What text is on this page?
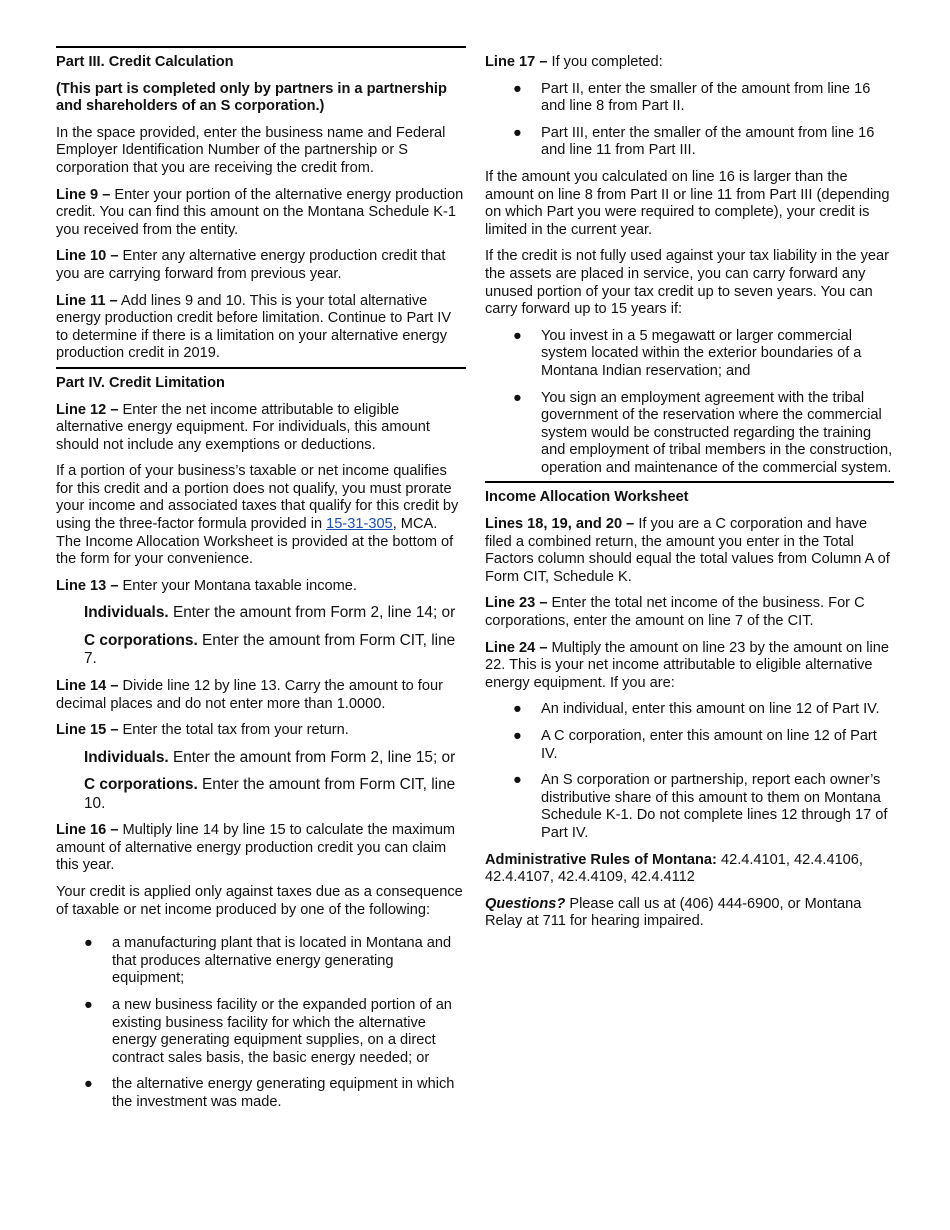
Part III. Credit Calculation

(This part is completed only by partners in a partnership and shareholders of an S corporation.)

In the space provided, enter the business name and Federal Employer Identification Number of the partnership or S corporation that you are receiving the credit from.

Line 9 – Enter your portion of the alternative energy production credit. You can find this amount on the Montana Schedule K-1 you received from the entity.

Line 10 – Enter any alternative energy production credit that you are carrying forward from previous year.

Line 11 – Add lines 9 and 10. This is your total alternative energy production credit before limitation. Continue to Part IV to determine if there is a limitation on your alternative energy production credit in 2019.

Part IV. Credit Limitation

Line 12 – Enter the net income attributable to eligible alternative energy equipment. For individuals, this amount should not include any exemptions or deductions.

If a portion of your business’s taxable or net income qualifies for this credit and a portion does not qualify, you must prorate your income and associated taxes that qualify for this credit by using the three-factor formula provided in 15-31-305, MCA. The Income Allocation Worksheet is provided at the bottom of the form for your convenience.

Line 13 – Enter your Montana taxable income.

Individuals. Enter the amount from Form 2, line 14; or

C corporations. Enter the amount from Form CIT, line 7.

Line 14 – Divide line 12 by line 13. Carry the amount to four decimal places and do not enter more than 1.0000.

Line 15 – Enter the total tax from your return.

Individuals. Enter the amount from Form 2, line 15; or

C corporations. Enter the amount from Form CIT, line 10.

Line 16 – Multiply line 14 by line 15 to calculate the maximum amount of alternative energy production credit you can claim this year.

Your credit is applied only against taxes due as a consequence of taxable or net income produced by one of the following:

● a manufacturing plant that is located in Montana and that produces alternative energy generating equipment;
● a new business facility or the expanded portion of an existing business facility for which the alternative energy generating equipment supplies, on a direct contract sales basis, the basic energy needed; or
● the alternative energy generating equipment in which the investment was made.

Line 17 – If you completed:

● Part II, enter the smaller of the amount from line 16 and line 8 from Part II.
● Part III, enter the smaller of the amount from line 16 and line 11 from Part III.

If the amount you calculated on line 16 is larger than the amount on line 8 from Part II or line 11 from Part III (depending on which Part you were required to complete), your credit is limited in the current year.

If the credit is not fully used against your tax liability in the year the assets are placed in service, you can carry forward any unused portion of your tax credit up to seven years. You can carry forward up to 15 years if:

● You invest in a 5 megawatt or larger commercial system located within the exterior boundaries of a Montana Indian reservation; and
● You sign an employment agreement with the tribal government of the reservation where the commercial system would be constructed regarding the training and employment of tribal members in the construction, operation and maintenance of the commercial system.

Income Allocation Worksheet

Lines 18, 19, and 20 – If you are a C corporation and have filed a combined return, the amount you enter in the Total Factors column should equal the total values from Column A of Form CIT, Schedule K.

Line 23 – Enter the total net income of the business. For C corporations, enter the amount on line 7 of the CIT.

Line 24 – Multiply the amount on line 23 by the amount on line 22. This is your net income attributable to eligible alternative energy equipment. If you are:

● An individual, enter this amount on line 12 of Part IV.
● A C corporation, enter this amount on line 12 of Part IV.
● An S corporation or partnership, report each owner’s distributive share of this amount to them on Montana Schedule K-1. Do not complete lines 12 through 17 of Part IV.

Administrative Rules of Montana: 42.4.4101, 42.4.4106, 42.4.4107, 42.4.4109, 42.4.4112

Questions? Please call us at (406) 444-6900, or Montana Relay at 711 for hearing impaired.
